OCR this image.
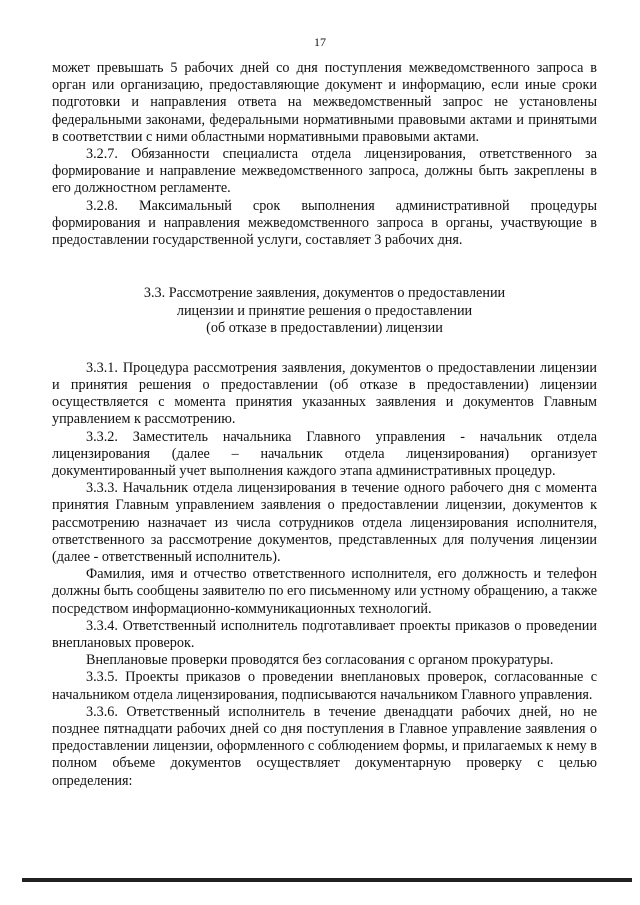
17

может превышать 5 рабочих дней со дня поступления межведомственного запроса в орган или организацию, предоставляющие документ и информацию, если иные сроки подготовки и направления ответа на межведомственный запрос не установлены федеральными законами, федеральными нормативными правовыми актами и принятыми в соответствии с ними областными нормативными правовыми актами.

3.2.7. Обязанности специалиста отдела лицензирования, ответственного за формирование и направление межведомственного запроса, должны быть закреплены в его должностном регламенте.

3.2.8. Максимальный срок выполнения административной процедуры формирования и направления межведомственного запроса в органы, участвующие в предоставлении государственной услуги, составляет 3 рабочих дня.

3.3. Рассмотрение заявления, документов о предоставлении
лицензии и принятие решения о предоставлении
(об отказе в предоставлении) лицензии

3.3.1. Процедура рассмотрения заявления, документов о предоставлении лицензии и принятия решения о предоставлении (об отказе в предоставлении) лицензии осуществляется с момента принятия указанных заявления и документов Главным управлением к рассмотрению.

3.3.2. Заместитель начальника Главного управления - начальник отдела лицензирования (далее – начальник отдела лицензирования) организует документированный учет выполнения каждого этапа административных процедур.

3.3.3. Начальник отдела лицензирования в течение одного рабочего дня с момента принятия Главным управлением заявления о предоставлении лицензии, документов к рассмотрению назначает из числа сотрудников отдела лицензирования исполнителя, ответственного за рассмотрение документов, представленных для получения лицензии (далее - ответственный исполнитель).

Фамилия, имя и отчество ответственного исполнителя, его должность и телефон должны быть сообщены заявителю по его письменному или устному обращению, а также посредством информационно-коммуникационных технологий.

3.3.4. Ответственный исполнитель подготавливает проекты приказов о проведении внеплановых проверок.

Внеплановые проверки проводятся без согласования с органом прокуратуры.

3.3.5. Проекты приказов о проведении внеплановых проверок, согласованные с начальником отдела лицензирования, подписываются начальником Главного управления.

3.3.6. Ответственный исполнитель в течение двенадцати рабочих дней, но не позднее пятнадцати рабочих дней со дня поступления в Главное управление заявления о предоставлении лицензии, оформленного с соблюдением формы, и прилагаемых к нему в полном объеме документов осуществляет документарную проверку с целью определения:
